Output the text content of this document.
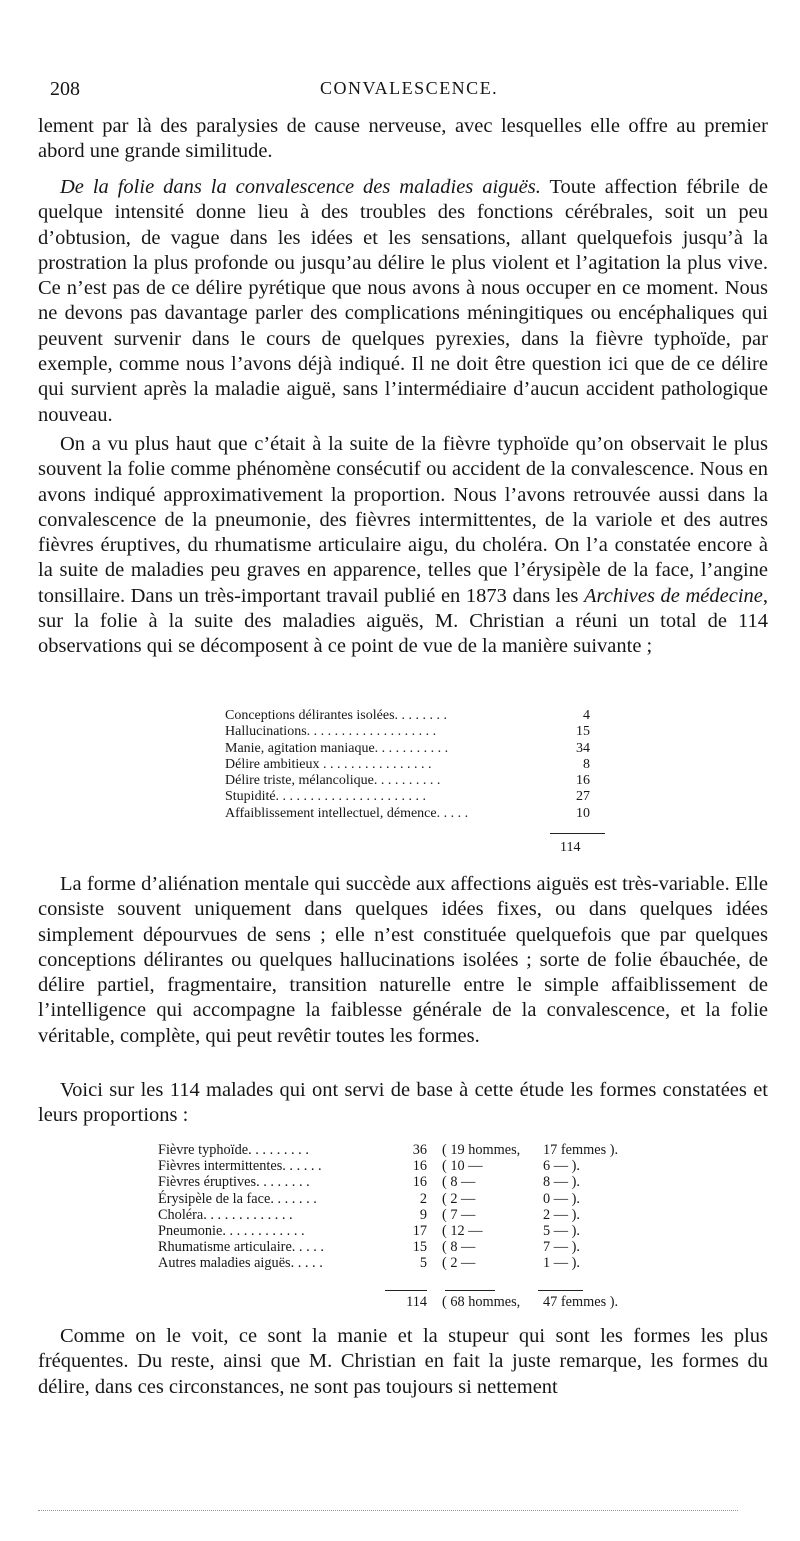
208	CONVALESCENCE.

lement par là des paralysies de cause nerveuse, avec lesquelles elle offre au premier abord une grande similitude.

De la folie dans la convalescence des maladies aiguës. Toute affection fébrile de quelque intensité donne lieu à des troubles des fonctions cérébrales, soit un peu d’obtusion, de vague dans les idées et les sensations, allant quelquefois jusqu’à la prostration la plus profonde ou jusqu’au délire le plus violent et l’agitation la plus vive. Ce n’est pas de ce délire pyrétique que nous avons à nous occuper en ce moment. Nous ne devons pas davantage parler des complications méningitiques ou encéphaliques qui peuvent survenir dans le cours de quelques pyrexies, dans la fièvre typhoïde, par exemple, comme nous l’avons déjà indiqué. Il ne doit être question ici que de ce délire qui survient après la maladie aiguë, sans l’intermédiaire d’aucun accident pathologique nouveau.

On a vu plus haut que c’était à la suite de la fièvre typhoïde qu’on observait le plus souvent la folie comme phénomène consécutif ou accident de la convalescence. Nous en avons indiqué approximativement la proportion. Nous l’avons retrouvée aussi dans la convalescence de la pneumonie, des fièvres intermittentes, de la variole et des autres fièvres éruptives, du rhumatisme articulaire aigu, du choléra. On l’a constatée encore à la suite de maladies peu graves en apparence, telles que l’érysipèle de la face, l’angine tonsillaire. Dans un très-important travail publié en 1873 dans les Archives de médecine, sur la folie à la suite des maladies aiguës, M. Christian a réuni un total de 114 observations qui se décomposent à ce point de vue de la manière suivante ;

Conceptions délirantes isolées. . . . . . . .	4
Hallucinations. . . . . . . . . . . . . . . . . . .	15
Manie, agitation maniaque. . . . . . . . . . .	34
Délire ambitieux . . . . . . . . . . . . . . . .	8
Délire triste, mélancolique. . . . . . . . . .	16
Stupidité. . . . . . . . . . . . . . . . . . . . . .	27
Affaiblissement intellectuel, démence. . . . .	10
114

La forme d’aliénation mentale qui succède aux affections aiguës est très-variable. Elle consiste souvent uniquement dans quelques idées fixes, ou dans quelques idées simplement dépourvues de sens ; elle n’est constituée quelquefois que par quelques conceptions délirantes ou quelques hallucinations isolées ; sorte de folie ébauchée, de délire partiel, fragmentaire, transition naturelle entre le simple affaiblissement de l’intelligence qui accompagne la faiblesse générale de la convalescence, et la folie véritable, complète, qui peut revêtir toutes les formes.

Voici sur les 114 malades qui ont servi de base à cette étude les formes constatées et leurs proportions :

Fièvre typhoïde. . . . . . . . .	36 ( 19 hommes, 17 femmes ).
Fièvres intermittentes. . . . . .	16 ( 10 —	6 — ).
Fièvres éruptives. . . . . . . .	16 ( 8 —	8 — ).
Érysipèle de la face. . . . . . .	2 ( 2 —	0 — ).
Choléra. . . . . . . . . . . . .	9 ( 7 —	2 — ).
Pneumonie. . . . . . . . . . . .	17 ( 12 —	5 — ).
Rhumatisme articulaire. . . . .	15 ( 8 —	7 — ).
Autres maladies aiguës. . . . .	5 ( 2 —	1 — ).
114 ( 68 hommes, 47 femmes ).

Comme on le voit, ce sont la manie et la stupeur qui sont les formes les plus fréquentes. Du reste, ainsi que M. Christian en fait la juste remarque, les formes du délire, dans ces circonstances, ne sont pas toujours si nettement
